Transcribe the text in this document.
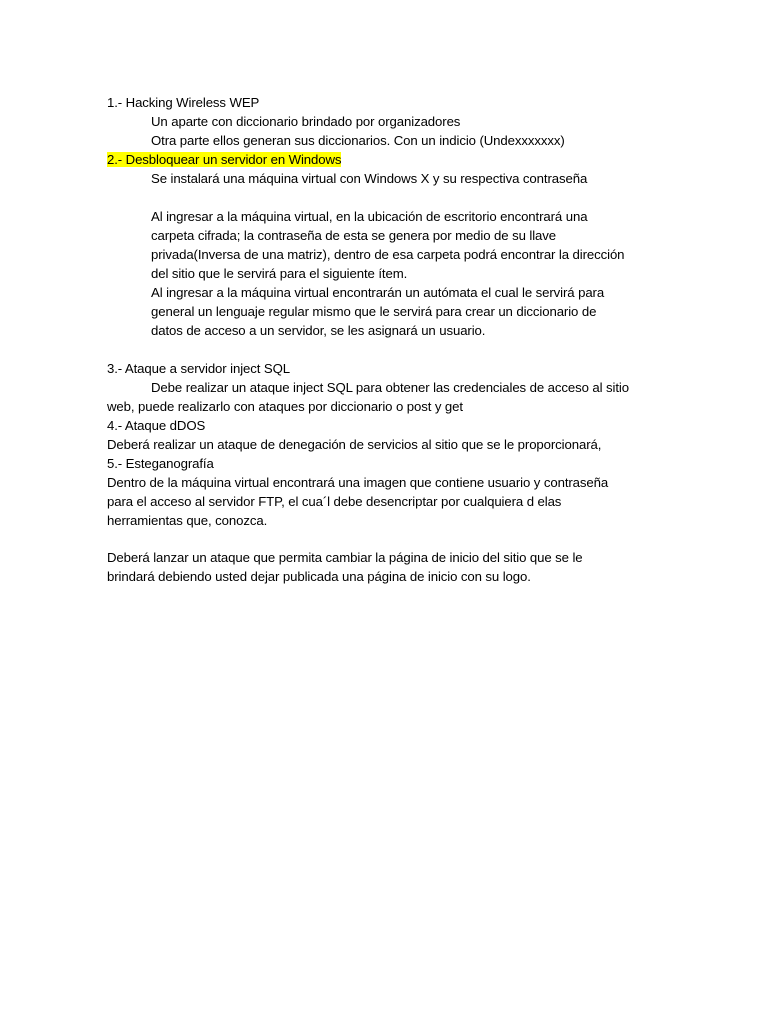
1.- Hacking Wireless WEP
Un aparte con diccionario brindado por organizadores
Otra parte ellos generan sus diccionarios. Con un indicio (Undexxxxxxx)
2.- Desbloquear un servidor en Windows
Se instalará una máquina virtual con Windows X y su respectiva contraseña
Al ingresar a la máquina virtual, en la ubicación de escritorio encontrará una
carpeta cifrada; la contraseña de esta se genera por medio de su llave
privada(Inversa de una matriz), dentro de esa carpeta podrá encontrar la dirección
del sitio que le servirá para el siguiente ítem.
Al ingresar a la máquina virtual encontrarán un autómata el cual le servirá para
general un lenguaje regular mismo que le servirá para crear un diccionario de
datos de acceso a un servidor, se les asignará un usuario.
3.- Ataque a servidor inject SQL
Debe realizar un ataque inject SQL para obtener las credenciales de acceso al sitio
web, puede realizarlo con ataques por diccionario o post y get
4.- Ataque dDOS
Deberá realizar un ataque de denegación de servicios al sitio que se le proporcionará,
5.- Esteganografía
Dentro de la máquina virtual encontrará una imagen que contiene usuario y contraseña
para el acceso al servidor FTP, el cua´l debe desencriptar por cualquiera d elas
herramientas que, conozca.
Deberá lanzar un ataque que permita cambiar la página de inicio del sitio que se le
brindará debiendo usted dejar publicada una página de inicio con su logo.
